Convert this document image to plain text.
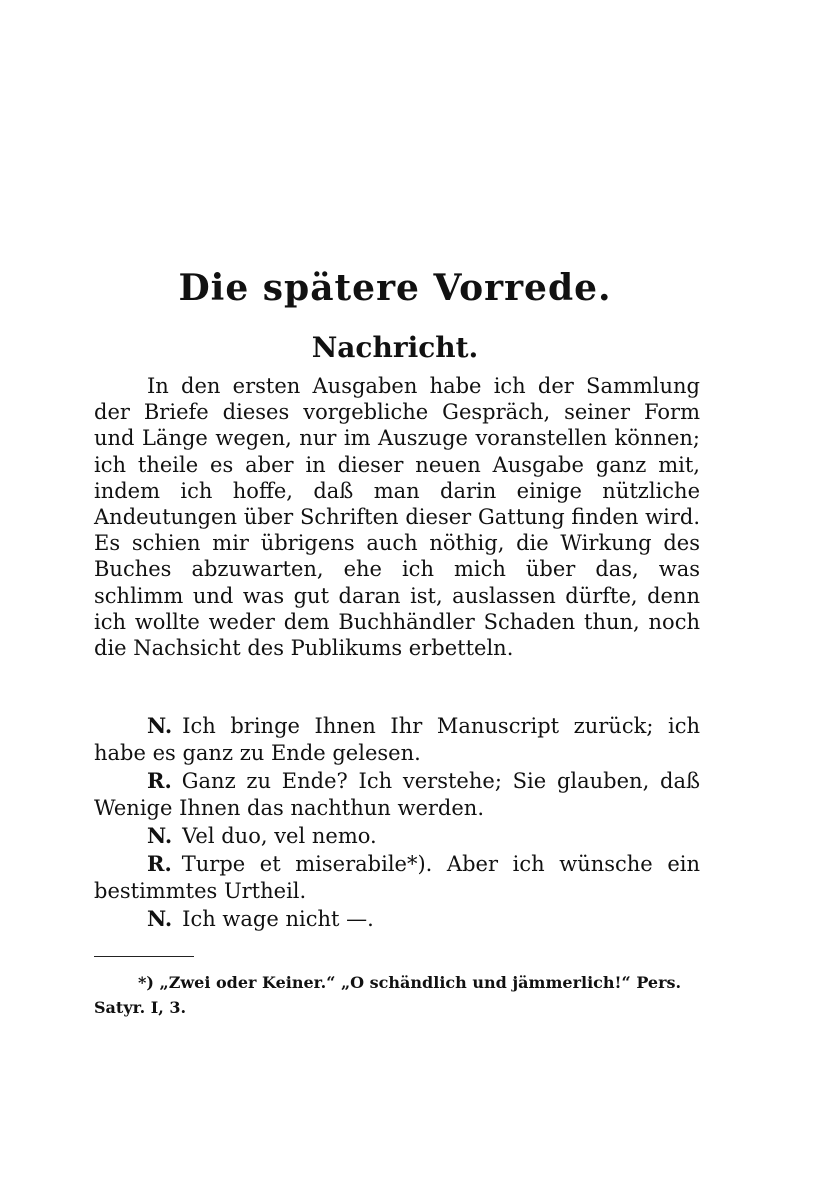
Die spätere Vorrede.
Nachricht.

In den ersten Ausgaben habe ich der Sammlung der Briefe dieses vorgebliche Gespräch, seiner Form und Länge wegen, nur im Auszuge voranstellen können; ich theile es aber in dieser neuen Ausgabe ganz mit, indem ich hoffe, daß man darin einige nützliche Andeutungen über Schriften dieser Gattung finden wird. Es schien mir übrigens auch nöthig, die Wirkung des Buches abzuwarten, ehe ich mich über das, was schlimm und was gut daran ist, auslassen dürfte, denn ich wollte weder dem Buchhändler Schaden thun, noch die Nachsicht des Publikums erbetteln.

N. Ich bringe Ihnen Ihr Manuscript zurück; ich habe es ganz zu Ende gelesen.

R. Ganz zu Ende? Ich verstehe; Sie glauben, daß Wenige Ihnen das nachthun werden.

N. Vel duo, vel nemo.

R. Turpe et miserabile*). Aber ich wünsche ein bestimmtes Urtheil.

N. Ich wage nicht —.

*) „Zwei oder Keiner.“ „O schändlich und jämmerlich!“ Pers. Satyr. I, 3.
